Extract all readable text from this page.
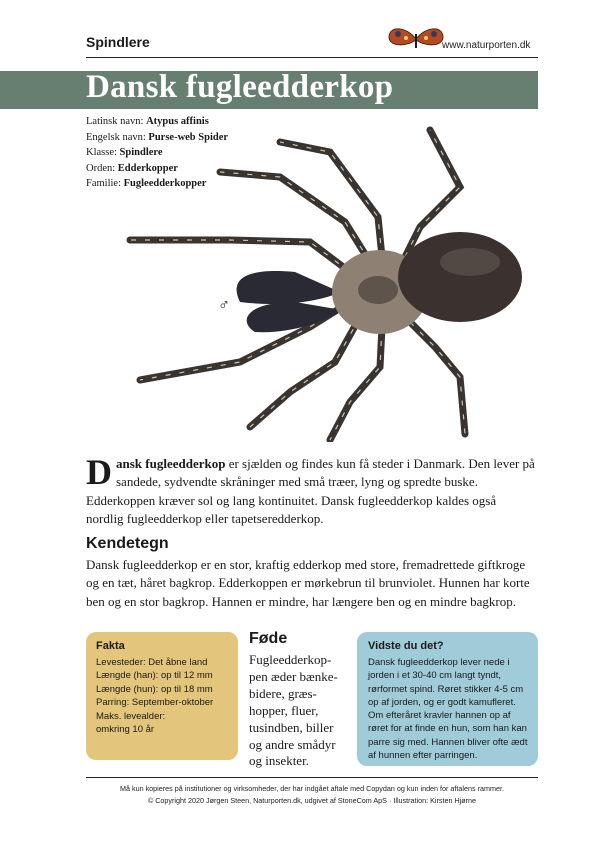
Spindlere	www.naturporten.dk
Dansk fugleedderkop
Latinsk navn: Atypus affinis
Engelsk navn: Purse-web Spider
Klasse: Spindlere
Orden: Edderkopper
Familie: Fugleedderkopper
♂
Dansk fugleedderkop er sjælden og findes kun få steder i Danmark. Den lever på sandede, sydvendte skråninger med små træer, lyng og spredte buske. Edderkoppen kræver sol og lang kontinuitet. Dansk fugleedderkop kaldes også nordlig fugleedderkop eller tapetseredderkop.
Kendetegn
Dansk fugleedderkop er en stor, kraftig edderkop med store, fremadrettede giftkroge og en tæt, håret bagkrop. Edderkoppen er mørkebrun til brunviolet. Hunnen har korte ben og en stor bagkrop. Hannen er mindre, har længere ben og en mindre bagkrop.
Fakta
Levesteder: Det åbne land
Længde (han): op til 12 mm
Længde (hun): op til 18 mm
Parring: September-oktober
Maks. levealder:
omkring 10 år
Føde
Fugleedderkop-
pen æder bænke-
bidere, græs-
hopper, fluer,
tusindben, biller
og andre smådyr
og insekter.
Vidste du det?
Dansk fugleedderkop lever nede i jorden i et 30-40 cm langt tyndt, rørformet spind. Røret stikker 4-5 cm op af jorden, og er godt kamufleret. Om efteråret kravler hannen op af røret for at finde en hun, som han kan parre sig med. Hannen bliver ofte ædt af hunnen efter parringen.
Må kun kopieres på institutioner og virksomheder, der har indgået aftale med Copydan og kun inden for aftalens rammer.
© Copyright 2020 Jørgen Steen, Naturporten.dk, udgivet af StoneCom ApS · Illustration: Kirsten Hjørne
